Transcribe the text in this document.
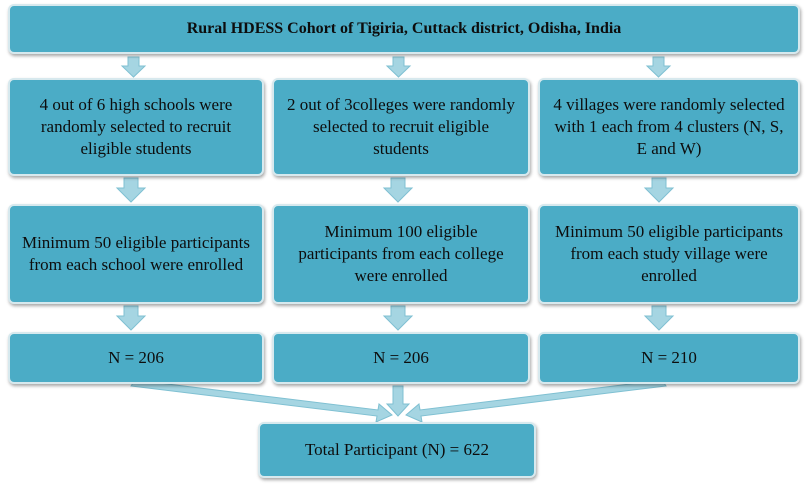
Rural HDESS Cohort of Tigiria, Cuttack district, Odisha, India
4 out of 6 high schools were randomly selected to recruit eligible students
2 out of 3colleges were randomly selected to recruit eligible students
4 villages were randomly selected with 1 each from 4 clusters (N, S, E and W)
Minimum 50 eligible participants from each school were enrolled
Minimum 100 eligible participants from each college were enrolled
Minimum 50 eligible participants from each study village were enrolled
N = 206	N = 206	N = 210
Total Participant (N) = 622
